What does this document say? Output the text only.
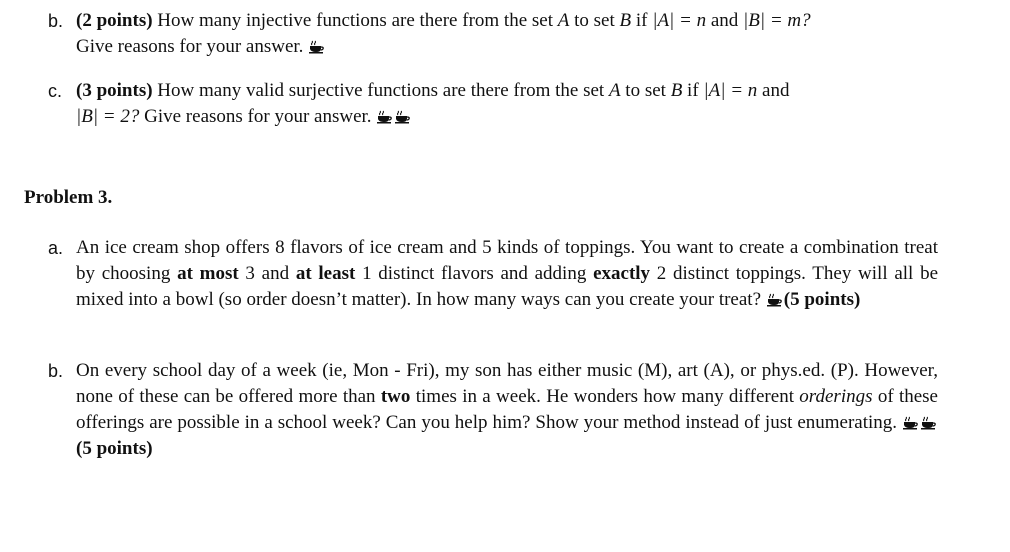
b. (2 points) How many injective functions are there from the set A to set B if |A| = n and |B| = m?
Give reasons for your answer.
c. (3 points) How many valid surjective functions are there from the set A to set B if |A| = n and
|B| = 2? Give reasons for your answer.
Problem 3.
a. An ice cream shop offers 8 flavors of ice cream and 5 kinds of toppings. You want to create a combination treat by choosing at most 3 and at least 1 distinct flavors and adding exactly 2 distinct toppings. They will all be mixed into a bowl (so order doesn’t matter). In how many ways can you create your treat? (5 points)
b. On every school day of a week (ie, Mon - Fri), my son has either music (M), art (A), or phys.ed. (P). However, none of these can be offered more than two times in a week. He wonders how many different orderings of these offerings are possible in a school week? Can you help him? Show your method instead of just enumerating.
(5 points)
